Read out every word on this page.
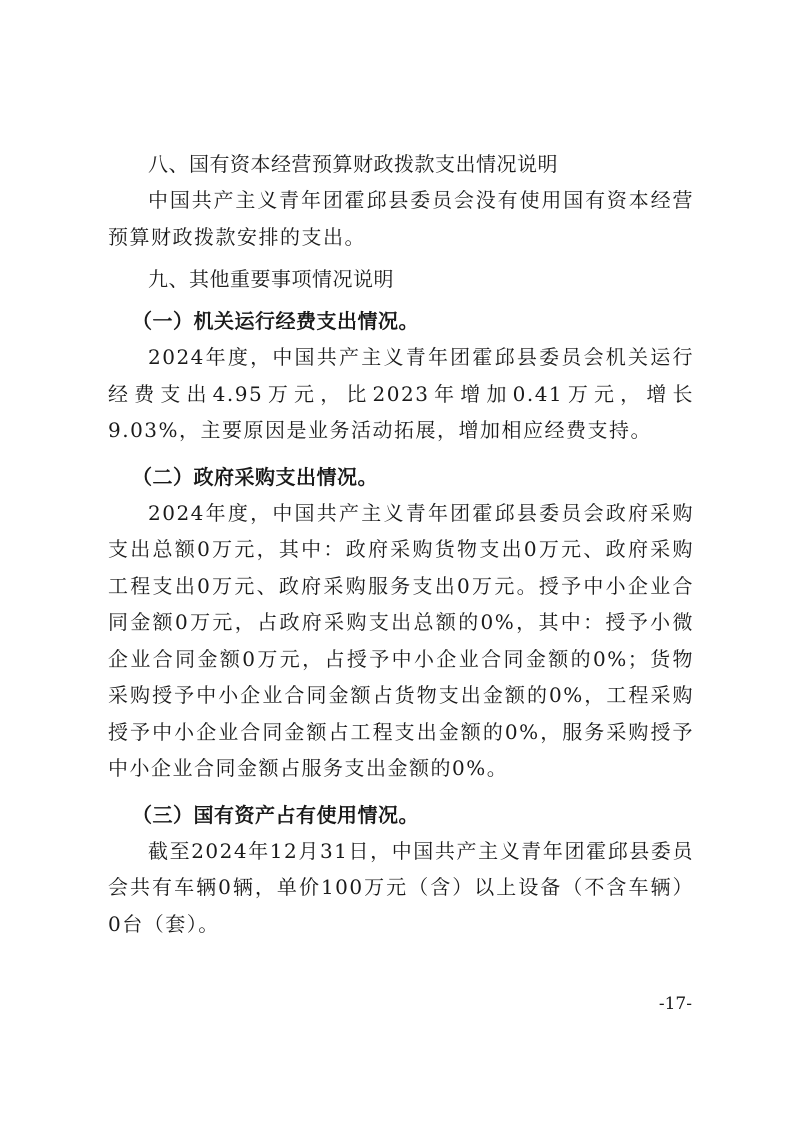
八、国有资本经营预算财政拨款支出情况说明

中国共产主义青年团霍邱县委员会没有使用国有资本经营预算财政拨款安排的支出。

九、其他重要事项情况说明

（一）机关运行经费支出情况。

2024年度，中国共产主义青年团霍邱县委员会机关运行经费支出4.95万元，比2023年增加0.41万元，增长9.03%，主要原因是业务活动拓展，增加相应经费支持。

（二）政府采购支出情况。

2024年度，中国共产主义青年团霍邱县委员会政府采购支出总额0万元，其中：政府采购货物支出0万元、政府采购工程支出0万元、政府采购服务支出0万元。授予中小企业合同金额0万元，占政府采购支出总额的0%，其中：授予小微企业合同金额0万元，占授予中小企业合同金额的0%；货物采购授予中小企业合同金额占货物支出金额的0%，工程采购授予中小企业合同金额占工程支出金额的0%，服务采购授予中小企业合同金额占服务支出金额的0%。

（三）国有资产占有使用情况。

截至2024年12月31日，中国共产主义青年团霍邱县委员会共有车辆0辆，单价100万元（含）以上设备（不含车辆）0台（套）。

-17-
